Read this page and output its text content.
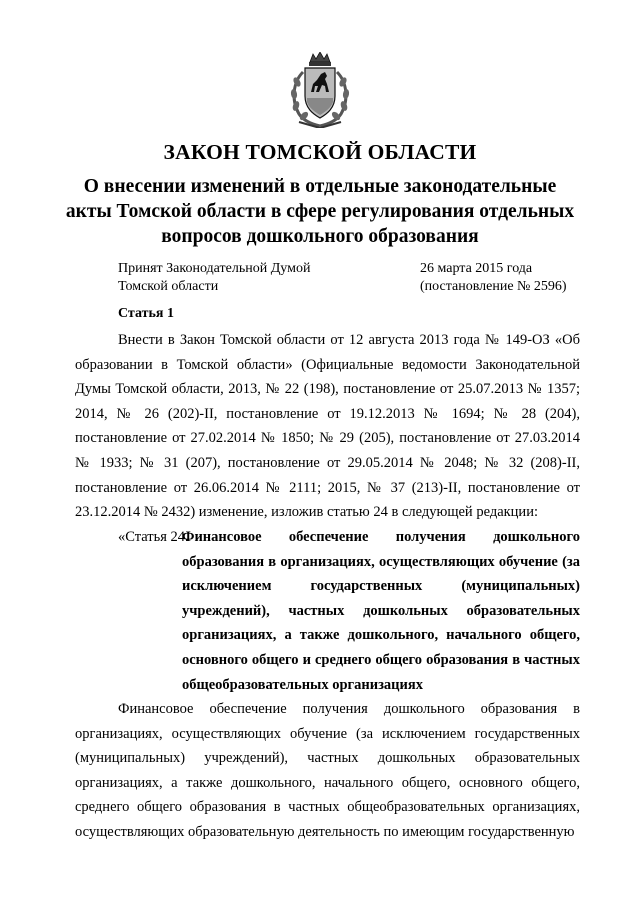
ЗАКОН ТОМСКОЙ ОБЛАСТИ
О внесении изменений в отдельные законодательные акты Томской области в сфере регулирования отдельных вопросов дошкольного образования
Принят Законодательной Думой
Томской области
26 марта 2015 года
(постановление № 2596)
Статья 1
Внести в Закон Томской области от 12 августа 2013 года № 149-ОЗ «Об образовании в Томской области» (Официальные ведомости Законодательной Думы Томской области, 2013, № 22 (198), постановление от 25.07.2013 № 1357; 2014, № 26 (202)-II, постановление от 19.12.2013 № 1694; № 28 (204), постановление от 27.02.2014 № 1850; № 29 (205), постановление от 27.03.2014 № 1933; № 31 (207), постановление от 29.05.2014 № 2048; № 32 (208)-II, постановление от 26.06.2014 № 2111; 2015, № 37 (213)-II, постановление от 23.12.2014 № 2432) изменение, изложив статью 24 в следующей редакции:
«Статья 24.
Финансовое обеспечение получения дошкольного образования в организациях, осуществляющих обучение (за исключением государственных (муниципальных) учреждений), частных дошкольных образовательных организациях, а также дошкольного, начального общего, основного общего и среднего общего образования в частных общеобразовательных организациях
Финансовое обеспечение получения дошкольного образования в организациях, осуществляющих обучение (за исключением государственных (муниципальных) учреждений), частных дошкольных образовательных организациях, а также дошкольного, начального общего, основного общего, среднего общего образования в частных общеобразовательных организациях, осуществляющих образовательную деятельность по имеющим государственную
